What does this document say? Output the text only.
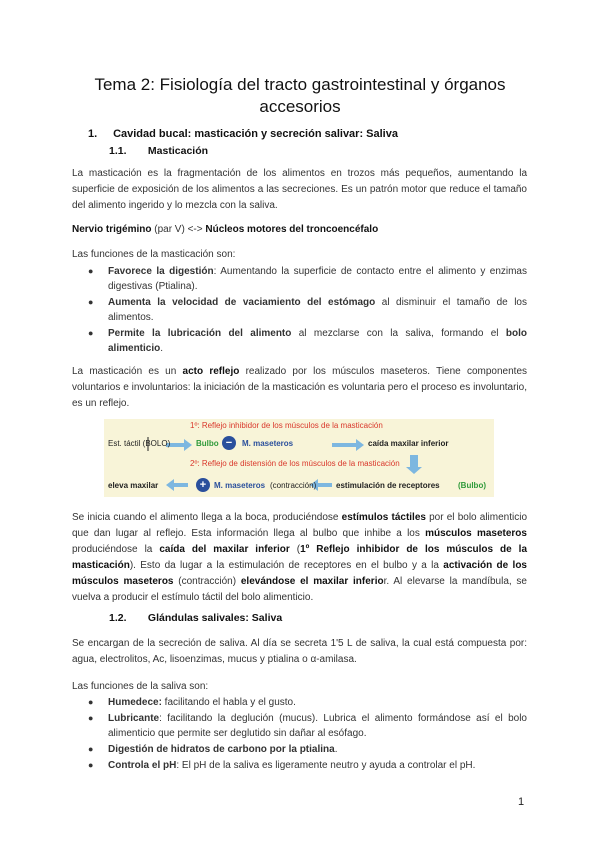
Tema 2: Fisiología del tracto gastrointestinal y órganos accesorios
1. Cavidad bucal: masticación y secreción salivar: Saliva
1.1. Masticación
La masticación es la fragmentación de los alimentos en trozos más pequeños, aumentando la superficie de exposición de los alimentos a las secreciones. Es un patrón motor que reduce el tamaño del alimento ingerido y lo mezcla con la saliva.
Nervio trigémino (par V) <-> Núcleos motores del troncoencéfalo
Las funciones de la masticación son:
● Favorece la digestión: Aumentando la superficie de contacto entre el alimento y enzimas digestivas (Ptialina).
● Aumenta la velocidad de vaciamiento del estómago al disminuir el tamaño de los alimentos.
● Permite la lubricación del alimento al mezclarse con la saliva, formando el bolo alimenticio.
La masticación es un acto reflejo realizado por los músculos maseteros. Tiene componentes voluntarios e involuntarios: la iniciación de la masticación es voluntaria pero el proceso es involuntario, es un reflejo.
1º: Reflejo inhibidor de los músculos de la masticación
Est. táctil (BOLO)	Bulbo −	M. maseteros	caída maxilar inferior
2º: Reflejo de distensión de los músculos de la masticación
eleva maxilar	+ M. maseteros (contracción) estimulación de receptores (Bulbo)
Se inicia cuando el alimento llega a la boca, produciéndose estímulos táctiles por el bolo alimenticio que dan lugar al reflejo. Esta información llega al bulbo que inhibe a los músculos maseteros produciéndose la caída del maxilar inferior (1º Reflejo inhibidor de los músculos de la masticación). Esto da lugar a la estimulación de receptores en el bulbo y a la activación de los músculos maseteros (contracción) elevándose el maxilar inferior. Al elevarse la mandíbula, se vuelva a producir el estímulo táctil del bolo alimenticio.
1.2. Glándulas salivales: Saliva
Se encargan de la secreción de saliva. Al día se secreta 1'5 L de saliva, la cual está compuesta por: agua, electrolitos, Ac, lisoenzimas, mucus y ptialina o α-amilasa.
Las funciones de la saliva son:
● Humedece: facilitando el habla y el gusto.
● Lubricante: facilitando la deglución (mucus). Lubrica el alimento formándose así el bolo alimenticio que permite ser deglutido sin dañar al esófago.
● Digestión de hidratos de carbono por la ptialina.
● Controla el pH: El pH de la saliva es ligeramente neutro y ayuda a controlar el pH.
1
